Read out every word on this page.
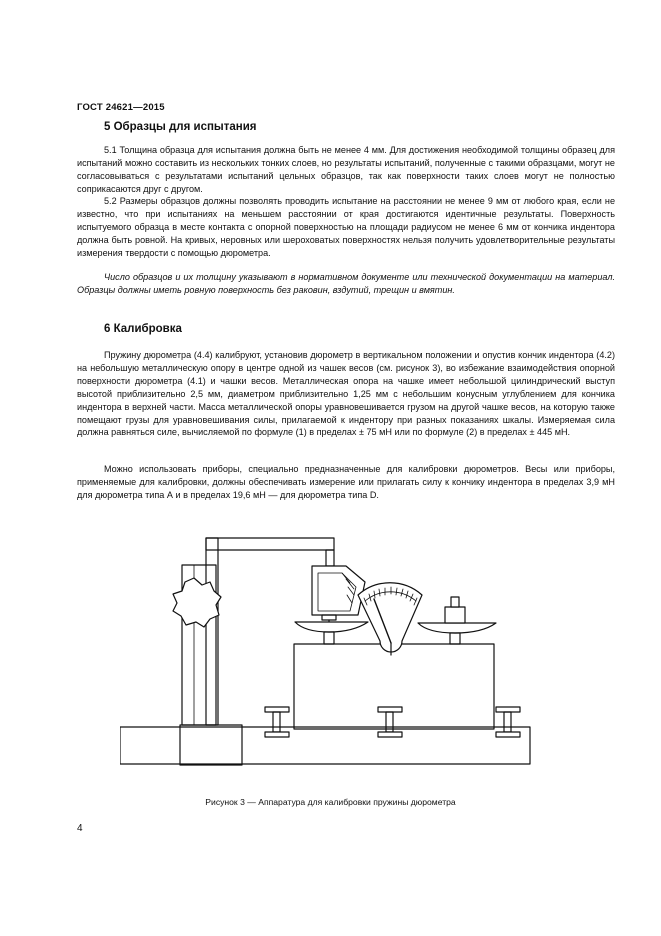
ГОСТ 24621—2015
5 Образцы для испытания

5.1 Толщина образца для испытания должна быть не менее 4 мм. Для достижения необходимой толщины образец для испытаний можно составить из нескольких тонких слоев, но результаты испытаний, полученные с такими образцами, могут не согласовываться с результатами испытаний цельных образцов, так как поверхности таких слоев могут не полностью соприкасаются друг с другом.

5.2 Размеры образцов должны позволять проводить испытание на расстоянии не менее 9 мм от любого края, если не известно, что при испытаниях на меньшем расстоянии от края достигаются идентичные результаты. Поверхность испытуемого образца в месте контакта с опорной поверхностью на площади радиусом не менее 6 мм от кончика индентора должна быть ровной. На кривых, неровных или шероховатых поверхностях нельзя получить удовлетворительные результаты измерения твердости с помощью дюрометра.

Число образцов и их толщину указывают в нормативном документе или технической документации на материал. Образцы должны иметь ровную поверхность без раковин, вздутий, трещин и вмятин.

6 Калибровка

Пружину дюрометра (4.4) калибруют, установив дюрометр в вертикальном положении и опустив кончик индентора (4.2) на небольшую металлическую опору в центре одной из чашек весов (см. рисунок 3), во избежание взаимодействия опорной поверхности дюрометра (4.1) и чашки весов. Металлическая опора на чашке имеет небольшой цилиндрический выступ высотой приблизительно 2,5 мм, диаметром приблизительно 1,25 мм с небольшим конусным углублением для кончика индентора в верхней части. Масса металлической опоры уравновешивается грузом на другой чашке весов, на которую также помещают грузы для уравновешивания силы, прилагаемой к индентору при разных показаниях шкалы. Измеряемая сила должна равняться силе, вычисляемой по формуле (1) в пределах ± 75 мН или по формуле (2) в пределах ± 445 мН.

Можно использовать приборы, специально предназначенные для калибровки дюрометров. Весы или приборы, применяемые для калибровки, должны обеспечивать измерение или прилагать силу к кончику индентора в пределах 3,9 мН для дюрометра типа А и в пределах 19,6 мН — для дюрометра типа D.

Рисунок 3 — Аппаратура для калибровки пружины дюрометра
4
